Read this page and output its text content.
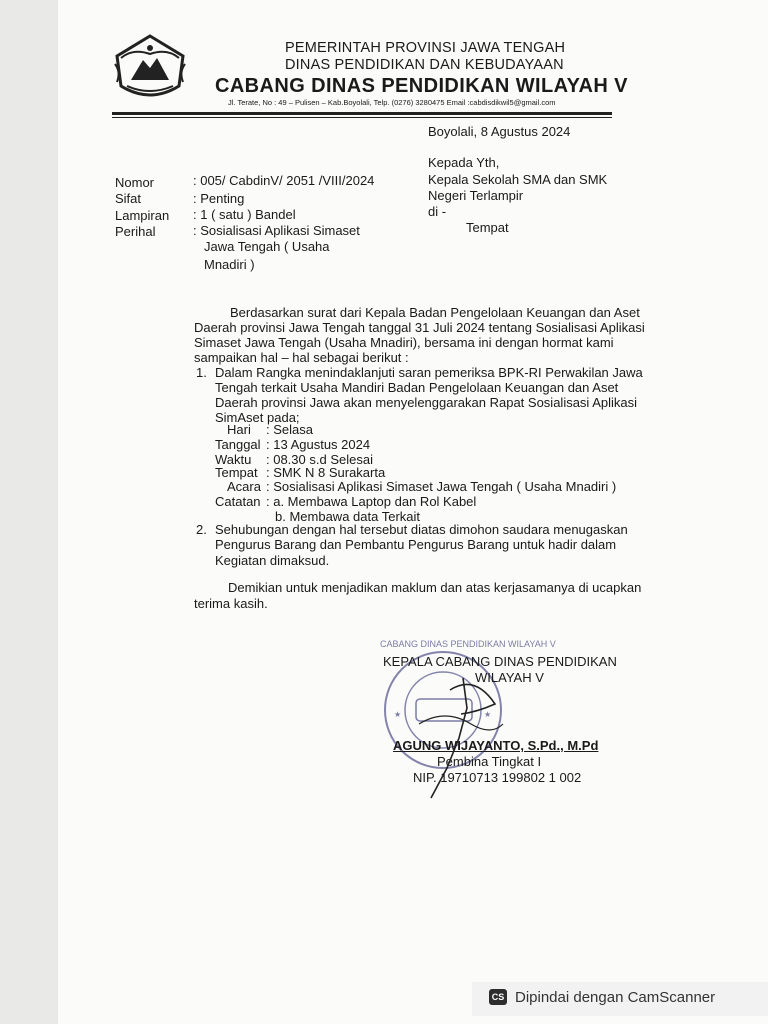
PEMERINTAH PROVINSI JAWA TENGAH
DINAS PENDIDIKAN DAN KEBUDAYAAN
CABANG DINAS PENDIDIKAN WILAYAH V
Jl. Terate, No : 49 – Pulisen – Kab.Boyolali, Telp. (0276) 3280475 Email :cabdisdikwil5@gmail.com
Boyolali, 8 Agustus 2024
Kepada Yth,
Kepala Sekolah SMA dan SMK
Negeri Terlampir
di -
Tempat
Nomor	: 005/ CabdinV/ 2051 /VIII/2024
Sifat	: Penting
Lampiran : 1 ( satu ) Bandel
Perihal	: Sosialisasi Aplikasi Simaset
Jawa Tengah ( Usaha
Mnadiri )
Berdasarkan surat dari Kepala Badan Pengelolaan Keuangan dan Aset
Daerah provinsi Jawa Tengah tanggal 31 Juli 2024 tentang Sosialisasi Aplikasi
Simaset Jawa Tengah (Usaha Mnadiri), bersama ini dengan hormat kami
sampaikan hal – hal sebagai berikut :
1. Dalam Rangka menindaklanjuti saran pemeriksa BPK-RI Perwakilan Jawa
Tengah terkait Usaha Mandiri Badan Pengelolaan Keuangan dan Aset
Daerah provinsi Jawa akan menyelenggarakan Rapat Sosialisasi Aplikasi
SimAset pada;
Hari : Selasa
Tanggal : 13 Agustus 2024
Waktu : 08.30 s.d Selesai
Tempat : SMK N 8 Surakarta
Acara : Sosialisasi Aplikasi Simaset Jawa Tengah ( Usaha Mnadiri )
Catatan : a. Membawa Laptop dan Rol Kabel
b. Membawa data Terkait
2. Sehubungan dengan hal tersebut diatas dimohon saudara menugaskan
Pengurus Barang dan Pembantu Pengurus Barang untuk hadir dalam
Kegiatan dimaksud.
Demikian untuk menjadikan maklum dan atas kerjasamanya di ucapkan
terima kasih.
CABANG DINAS PENDIDIKAN WILAYAH V
★	★
KEPALA CABANG DINAS PENDIDIKAN
WILAYAH V
AGUNG WIJAYANTO, S.Pd., M.Pd
Pembina Tingkat I
NIP. 19710713 199802 1 002
CS Dipindai dengan CamScanner
